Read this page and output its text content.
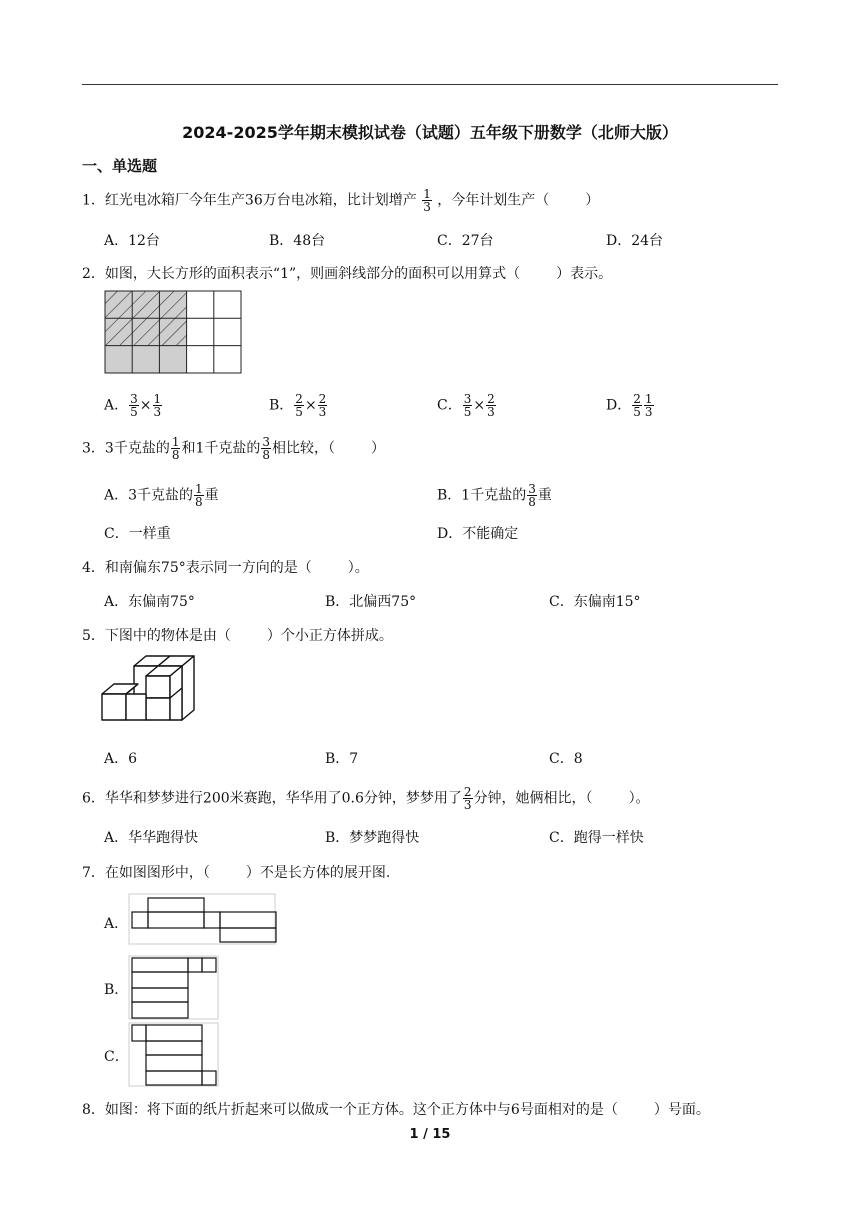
2024-2025学年期末模拟试卷（试题）五年级下册数学（北师大版）
一、单选题
1．红光电冰箱厂今年生产36万台电冰箱，比计划增产 $\frac{1}{3}$ ，今年计划生产（	）
A．12台	B．48台	C．27台	D．24台
2．如图，大长方形的面积表示“1”，则画斜线部分的面积可以用算式（	）表示。
A． $\frac{3}{5} \times \frac{1}{3}$	B． $\frac{2}{5} \times \frac{2}{3}$	C． $\frac{3}{5} \times \frac{2}{3}$	D． $\frac{2}{5} \frac{1}{3}$
3．3千克盐的 $\frac{1}{8}$ 和1千克盐的 $\frac{3}{8}$ 相比较，（	）
A．3千克盐的 $\frac{1}{8}$ 重	B．1千克盐的 $\frac{3}{8}$ 重
C．一样重	D．不能确定
4．和南偏东75°表示同一方向的是（	）。
A．东偏南75°	B．北偏西75°	C．东偏南15°
5．下图中的物体是由（	）个小正方体拼成。
A．6	B．7	C．8
6．华华和梦梦进行200米赛跑，华华用了0.6分钟，梦梦用了 $\frac{2}{3}$ 分钟，她俩相比，（	）。
A．华华跑得快	B．梦梦跑得快	C．跑得一样快
7．在如图图形中，（	）不是长方体的展开图.
A．
B．
C．
8．如图：将下面的纸片折起来可以做成一个正方体。这个正方体中与6号面相对的是（	）号面。
1 / 15
